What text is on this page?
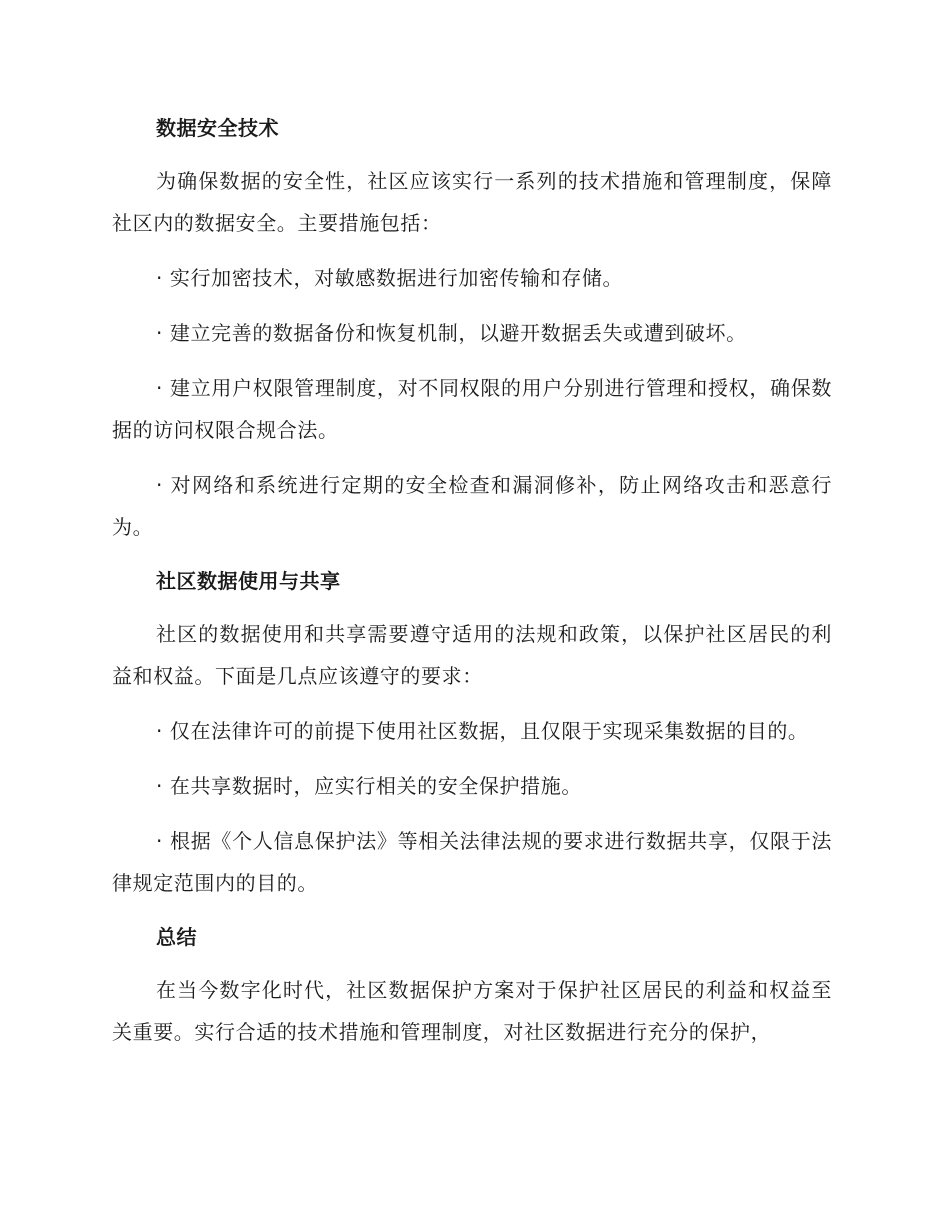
数据安全技术

为确保数据的安全性，社区应该实行一系列的技术措施和管理制度，保障社区内的数据安全。主要措施包括：

· 实行加密技术，对敏感数据进行加密传输和存储。

· 建立完善的数据备份和恢复机制，以避开数据丢失或遭到破坏。

· 建立用户权限管理制度，对不同权限的用户分别进行管理和授权，确保数据的访问权限合规合法。

· 对网络和系统进行定期的安全检查和漏洞修补，防止网络攻击和恶意行为。

社区数据使用与共享

社区的数据使用和共享需要遵守适用的法规和政策，以保护社区居民的利益和权益。下面是几点应该遵守的要求：

· 仅在法律许可的前提下使用社区数据，且仅限于实现采集数据的目的。

· 在共享数据时，应实行相关的安全保护措施。

· 根据《个人信息保护法》等相关法律法规的要求进行数据共享，仅限于法律规定范围内的目的。

总结

在当今数字化时代，社区数据保护方案对于保护社区居民的利益和权益至关重要。实行合适的技术措施和管理制度，对社区数据进行充分的保护，
